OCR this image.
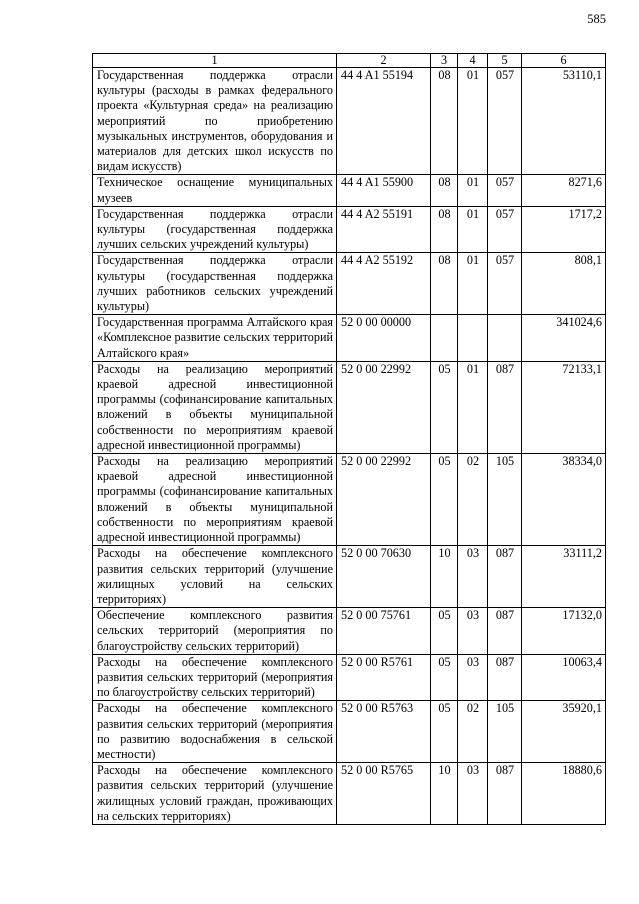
585
1	2	3	4	5	6
Государственная поддержка отрасли культуры (расходы в рамках федерального проекта «Культурная среда» на реализацию мероприятий по приобретению музыкальных инструментов, оборудования и материалов для детских школ искусств по видам искусств)	44 4 A1 55194	08	01	057	53110,1
Техническое оснащение муниципальных музеев	44 4 A1 55900	08	01	057	8271,6
Государственная поддержка отрасли культуры (государственная поддержка лучших сельских учреждений культуры)	44 4 A2 55191	08	01	057	1717,2
Государственная поддержка отрасли культуры (государственная поддержка лучших работников сельских учреждений культуры)	44 4 A2 55192	08	01	057	808,1
Государственная программа Алтайского края «Комплексное развитие сельских территорий Алтайского края»	52 0 00 00000				341024,6
Расходы на реализацию мероприятий краевой адресной инвестиционной программы (софинансирование капитальных вложений в объекты муниципальной собственности по мероприятиям краевой адресной инвестиционной программы)	52 0 00 22992	05	01	087	72133,1
Расходы на реализацию мероприятий краевой адресной инвестиционной программы (софинансирование капитальных вложений в объекты муниципальной собственности по мероприятиям краевой адресной инвестиционной программы)	52 0 00 22992	05	02	105	38334,0
Расходы на обеспечение комплексного развития сельских территорий (улучшение жилищных условий на сельских территориях)	52 0 00 70630	10	03	087	33111,2
Обеспечение комплексного развития сельских территорий (мероприятия по благоустройству сельских территорий)	52 0 00 75761	05	03	087	17132,0
Расходы на обеспечение комплексного развития сельских территорий (мероприятия по благоустройству сельских территорий)	52 0 00 R5761	05	03	087	10063,4
Расходы на обеспечение комплексного развития сельских территорий (мероприятия по развитию водоснабжения в сельской местности)	52 0 00 R5763	05	02	105	35920,1
Расходы на обеспечение комплексного развития сельских территорий (улучшение жилищных условий граждан, проживающих на сельских территориях)	52 0 00 R5765	10	03	087	18880,6
